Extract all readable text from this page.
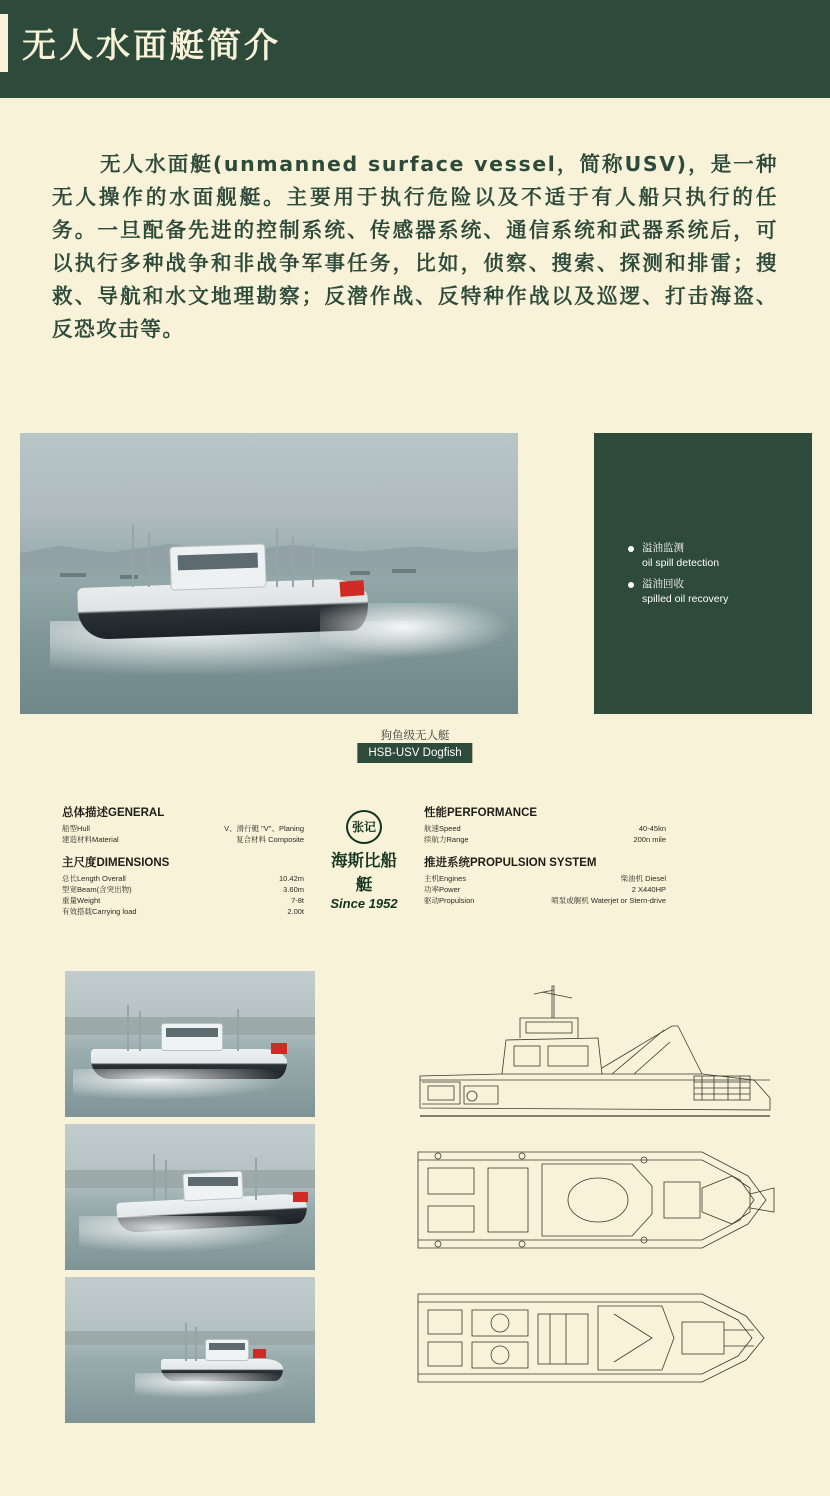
无人水面艇简介
无人水面艇(unmanned surface vessel，简称USV)，是一种无人操作的水面舰艇。主要用于执行危险以及不适于有人船只执行的任务。一旦配备先进的控制系统、传感器系统、通信系统和武器系统后，可以执行多种战争和非战争军事任务，比如，侦察、搜索、探测和排雷；搜救、导航和水文地理勘察；反潜作战、反特种作战以及巡逻、打击海盗、反恐攻击等。
溢油监测
oil spill detection
溢油回收
spilled oil recovery
狗鱼级无人艇
HSB-USV Dogfish
总体描述GENERAL
船型Hull	V、滑行艇 "V"、Planing
建造材料Material	复合材料 Composite
主尺度DIMENSIONS
总长Length Overall	10.42m
型宽Beam(含突出物)	3.60m
重量Weight	7-8t
有效搭载Carrying load	2.00t
性能PERFORMANCE
航速Speed	40-45kn
续航力Range	200n mile
推进系统PROPULSION SYSTEM
主机Engines	柴油机 Diesel
功率Power	2 X440HP
驱动Propulsion	喷泵或艉机 Waterjet or Stern-drive
张记
海斯比船艇
Since 1952
